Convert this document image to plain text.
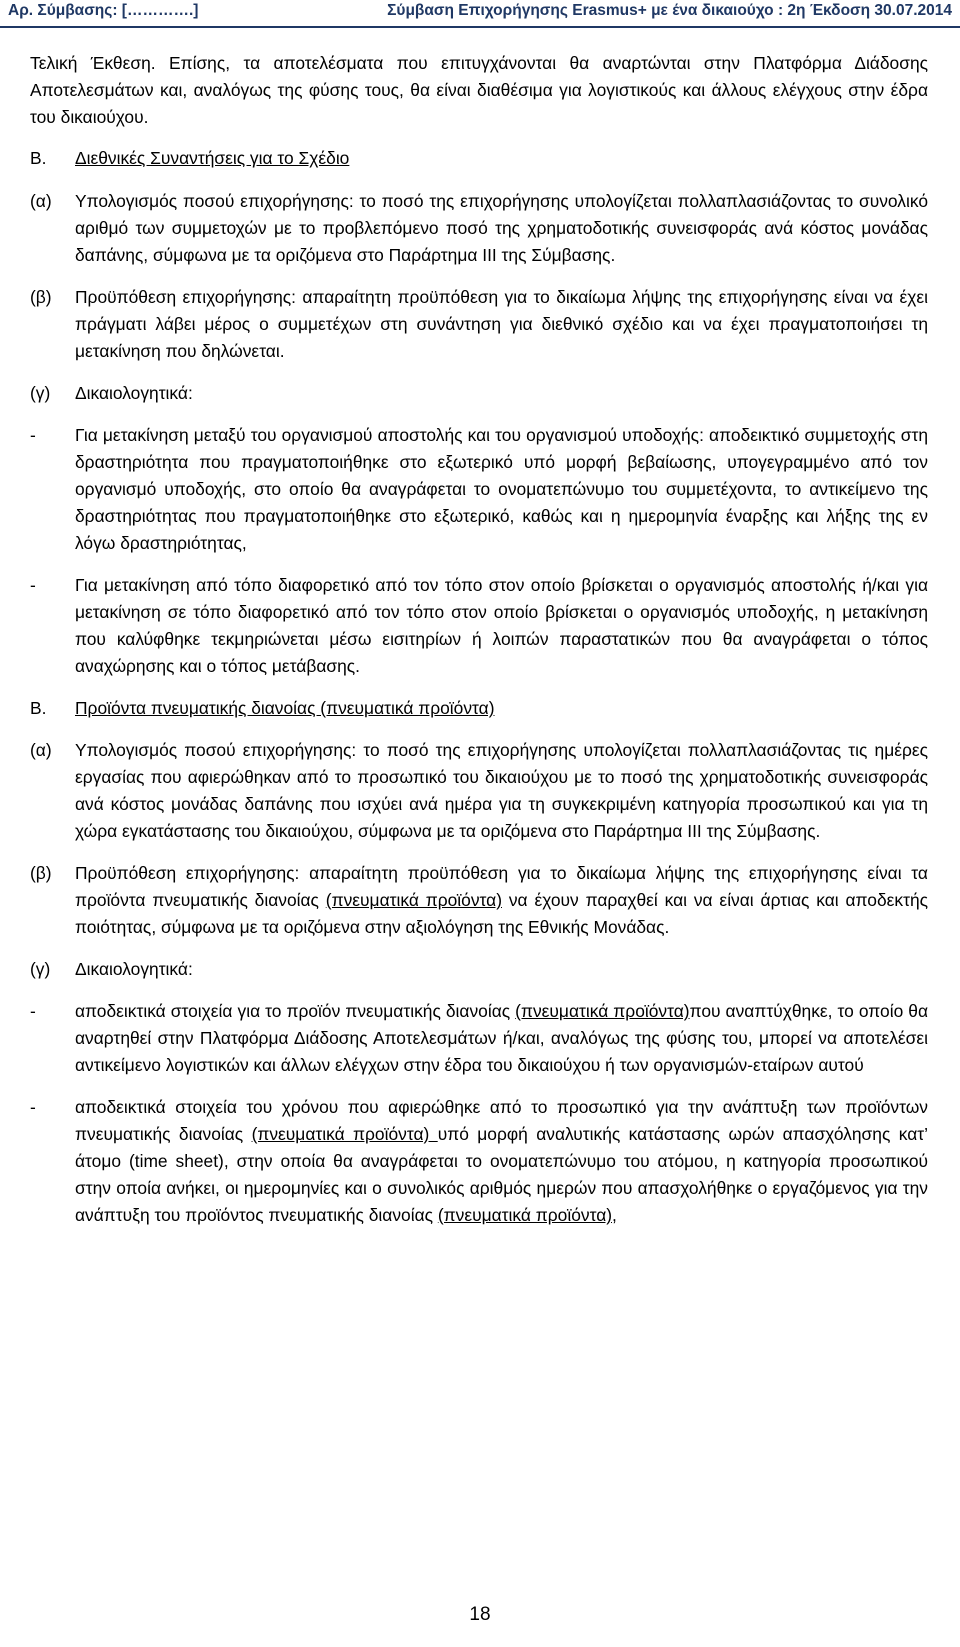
Αρ. Σύμβασης: [………….]	Σύμβαση Επιχορήγησης Erasmus+ με ένα δικαιούχο : 2η Έκδοση 30.07.2014

Τελική Έκθεση. Επίσης, τα αποτελέσματα που επιτυγχάνονται θα αναρτώνται στην Πλατφόρμα Διάδοσης Αποτελεσμάτων και, αναλόγως της φύσης τους, θα είναι διαθέσιμα για λογιστικούς και άλλους ελέγχους στην έδρα του δικαιούχου.

Β.	Διεθνικές Συναντήσεις για το Σχέδιο
(α)	Υπολογισμός ποσού επιχορήγησης: το ποσό της επιχορήγησης υπολογίζεται πολλαπλασιάζοντας το συνολικό αριθμό των συμμετοχών με το προβλεπόμενο ποσό της χρηματοδοτικής συνεισφοράς ανά κόστος μονάδας δαπάνης, σύμφωνα με τα οριζόμενα στο Παράρτημα III της Σύμβασης.

(β)	Προϋπόθεση επιχορήγησης: απαραίτητη προϋπόθεση για το δικαίωμα λήψης της επιχορήγησης είναι να έχει πράγματι λάβει μέρος ο συμμετέχων στη συνάντηση για διεθνικό σχέδιο και να έχει πραγματοποιήσει τη μετακίνηση που δηλώνεται.

(γ)	Δικαιολογητικά:

-	Για μετακίνηση μεταξύ του οργανισμού αποστολής και του οργανισμού υποδοχής: αποδεικτικό συμμετοχής στη δραστηριότητα που πραγματοποιήθηκε στο εξωτερικό υπό μορφή βεβαίωσης, υπογεγραμμένο από τον οργανισμό υποδοχής, στο οποίο θα αναγράφεται το ονοματεπώνυμο του συμμετέχοντα, το αντικείμενο της δραστηριότητας που πραγματοποιήθηκε στο εξωτερικό, καθώς και η ημερομηνία έναρξης και λήξης της εν λόγω δραστηριότητας,

-	Για μετακίνηση από τόπο διαφορετικό από τον τόπο στον οποίο βρίσκεται ο οργανισμός αποστολής ή/και για μετακίνηση σε τόπο διαφορετικό από τον τόπο στον οποίο βρίσκεται ο οργανισμός υποδοχής, η μετακίνηση που καλύφθηκε τεκμηριώνεται μέσω εισιτηρίων ή λοιπών παραστατικών που θα αναγράφεται ο τόπος αναχώρησης και ο τόπος μετάβασης.

Β.	Προϊόντα πνευματικής διανοίας (πνευματικά προϊόντα)
(α)	Υπολογισμός ποσού επιχορήγησης: το ποσό της επιχορήγησης υπολογίζεται πολλαπλασιάζοντας τις ημέρες εργασίας που αφιερώθηκαν από το προσωπικό του δικαιούχου με το ποσό της χρηματοδοτικής συνεισφοράς ανά κόστος μονάδας δαπάνης που ισχύει ανά ημέρα για τη συγκεκριμένη κατηγορία προσωπικού και για τη χώρα εγκατάστασης του δικαιούχου, σύμφωνα με τα οριζόμενα στο Παράρτημα III της Σύμβασης.

(β)	Προϋπόθεση επιχορήγησης: απαραίτητη προϋπόθεση για το δικαίωμα λήψης της επιχορήγησης είναι τα προϊόντα πνευματικής διανοίας (πνευματικά προϊόντα) να έχουν παραχθεί και να είναι άρτιας και αποδεκτής ποιότητας, σύμφωνα με τα οριζόμενα στην αξιολόγηση της Εθνικής Μονάδας.

(γ)	Δικαιολογητικά:

-	αποδεικτικά στοιχεία για το προϊόν πνευματικής διανοίας (πνευματικά προϊόντα)που αναπτύχθηκε, το οποίο θα αναρτηθεί στην Πλατφόρμα Διάδοσης Αποτελεσμάτων ή/και, αναλόγως της φύσης του, μπορεί να αποτελέσει αντικείμενο λογιστικών και άλλων ελέγχων στην έδρα του δικαιούχου ή των οργανισμών-εταίρων αυτού

-	αποδεικτικά στοιχεία του χρόνου που αφιερώθηκε από το προσωπικό για την ανάπτυξη των προϊόντων πνευματικής διανοίας (πνευματικά προϊόντα) υπό μορφή αναλυτικής κατάστασης ωρών απασχόλησης κατ’ άτομο (time sheet), στην οποία θα αναγράφεται το ονοματεπώνυμο του ατόμου, η κατηγορία προσωπικού στην οποία ανήκει, οι ημερομηνίες και ο συνολικός αριθμός ημερών που απασχολήθηκε ο εργαζόμενος για την ανάπτυξη του προϊόντος πνευματικής διανοίας (πνευματικά προϊόντα),

18
